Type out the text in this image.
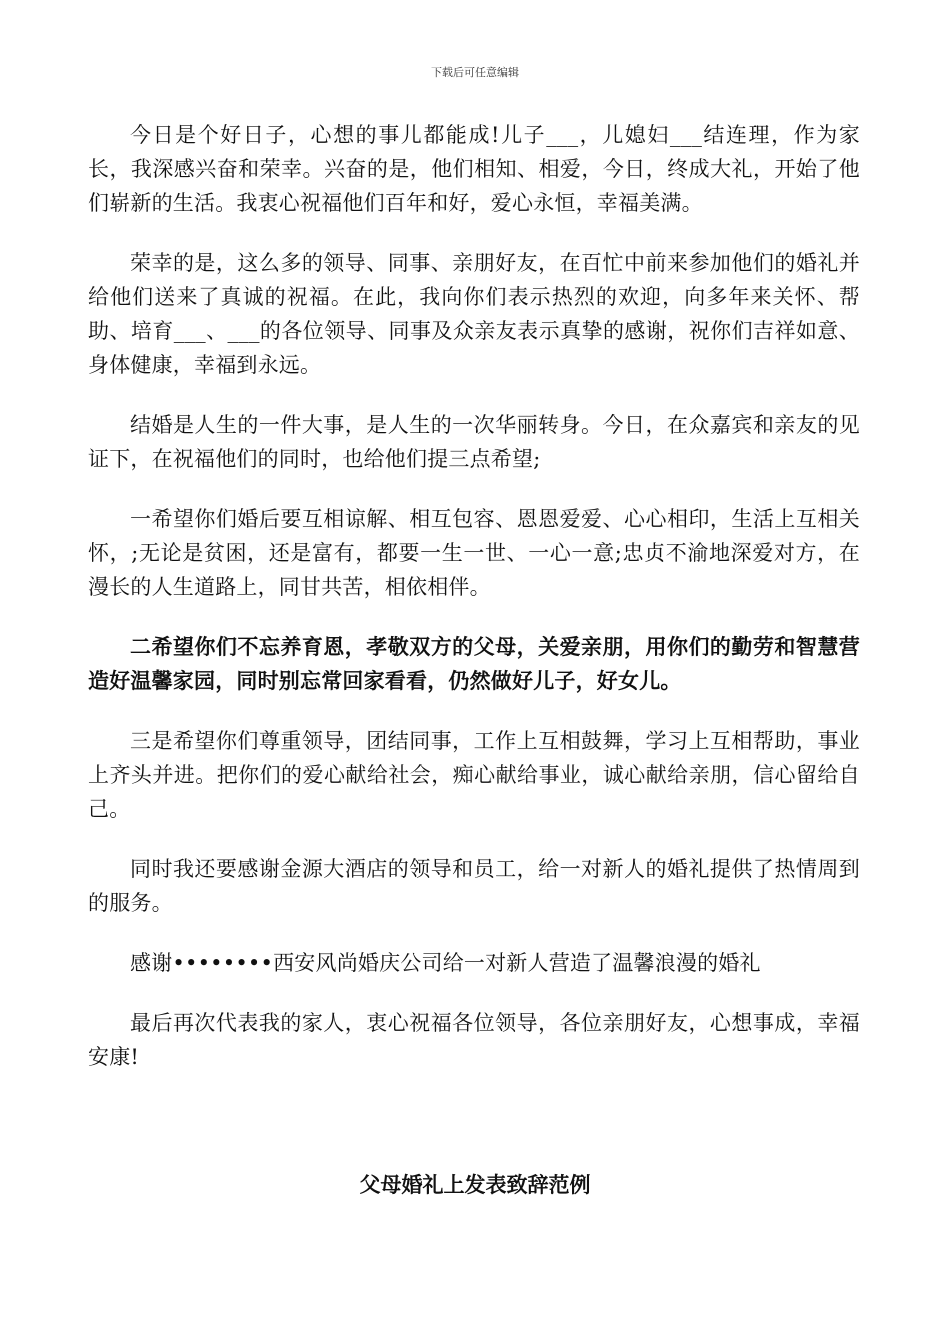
下载后可任意编辑

今日是个好日子，心想的事儿都能成!儿子___，儿媳妇___结连理，作为家长，我深感兴奋和荣幸。兴奋的是，他们相知、相爱，今日，终成大礼，开始了他们崭新的生活。我衷心祝福他们百年和好，爱心永恒，幸福美满。

荣幸的是，这么多的领导、同事、亲朋好友，在百忙中前来参加他们的婚礼并给他们送来了真诚的祝福。在此，我向你们表示热烈的欢迎，向多年来关怀、帮助、培育___、___的各位领导、同事及众亲友表示真挚的感谢，祝你们吉祥如意、身体健康，幸福到永远。

结婚是人生的一件大事，是人生的一次华丽转身。今日，在众嘉宾和亲友的见证下，在祝福他们的同时，也给他们提三点希望;

一希望你们婚后要互相谅解、相互包容、恩恩爱爱、心心相印，生活上互相关怀，;无论是贫困，还是富有，都要一生一世、一心一意;忠贞不渝地深爱对方，在漫长的人生道路上，同甘共苦，相依相伴。

二希望你们不忘养育恩，孝敬双方的父母，关爱亲朋，用你们的勤劳和智慧营造好温馨家园，同时别忘常回家看看，仍然做好儿子，好女儿。

三是希望你们尊重领导，团结同事，工作上互相鼓舞，学习上互相帮助，事业上齐头并进。把你们的爱心献给社会，痴心献给事业，诚心献给亲朋，信心留给自己。

同时我还要感谢金源大酒店的领导和员工，给一对新人的婚礼提供了热情周到的服务。

感谢••••••••西安风尚婚庆公司给一对新人营造了温馨浪漫的婚礼

最后再次代表我的家人，衷心祝福各位领导，各位亲朋好友，心想事成，幸福安康!

父母婚礼上发表致辞范例
